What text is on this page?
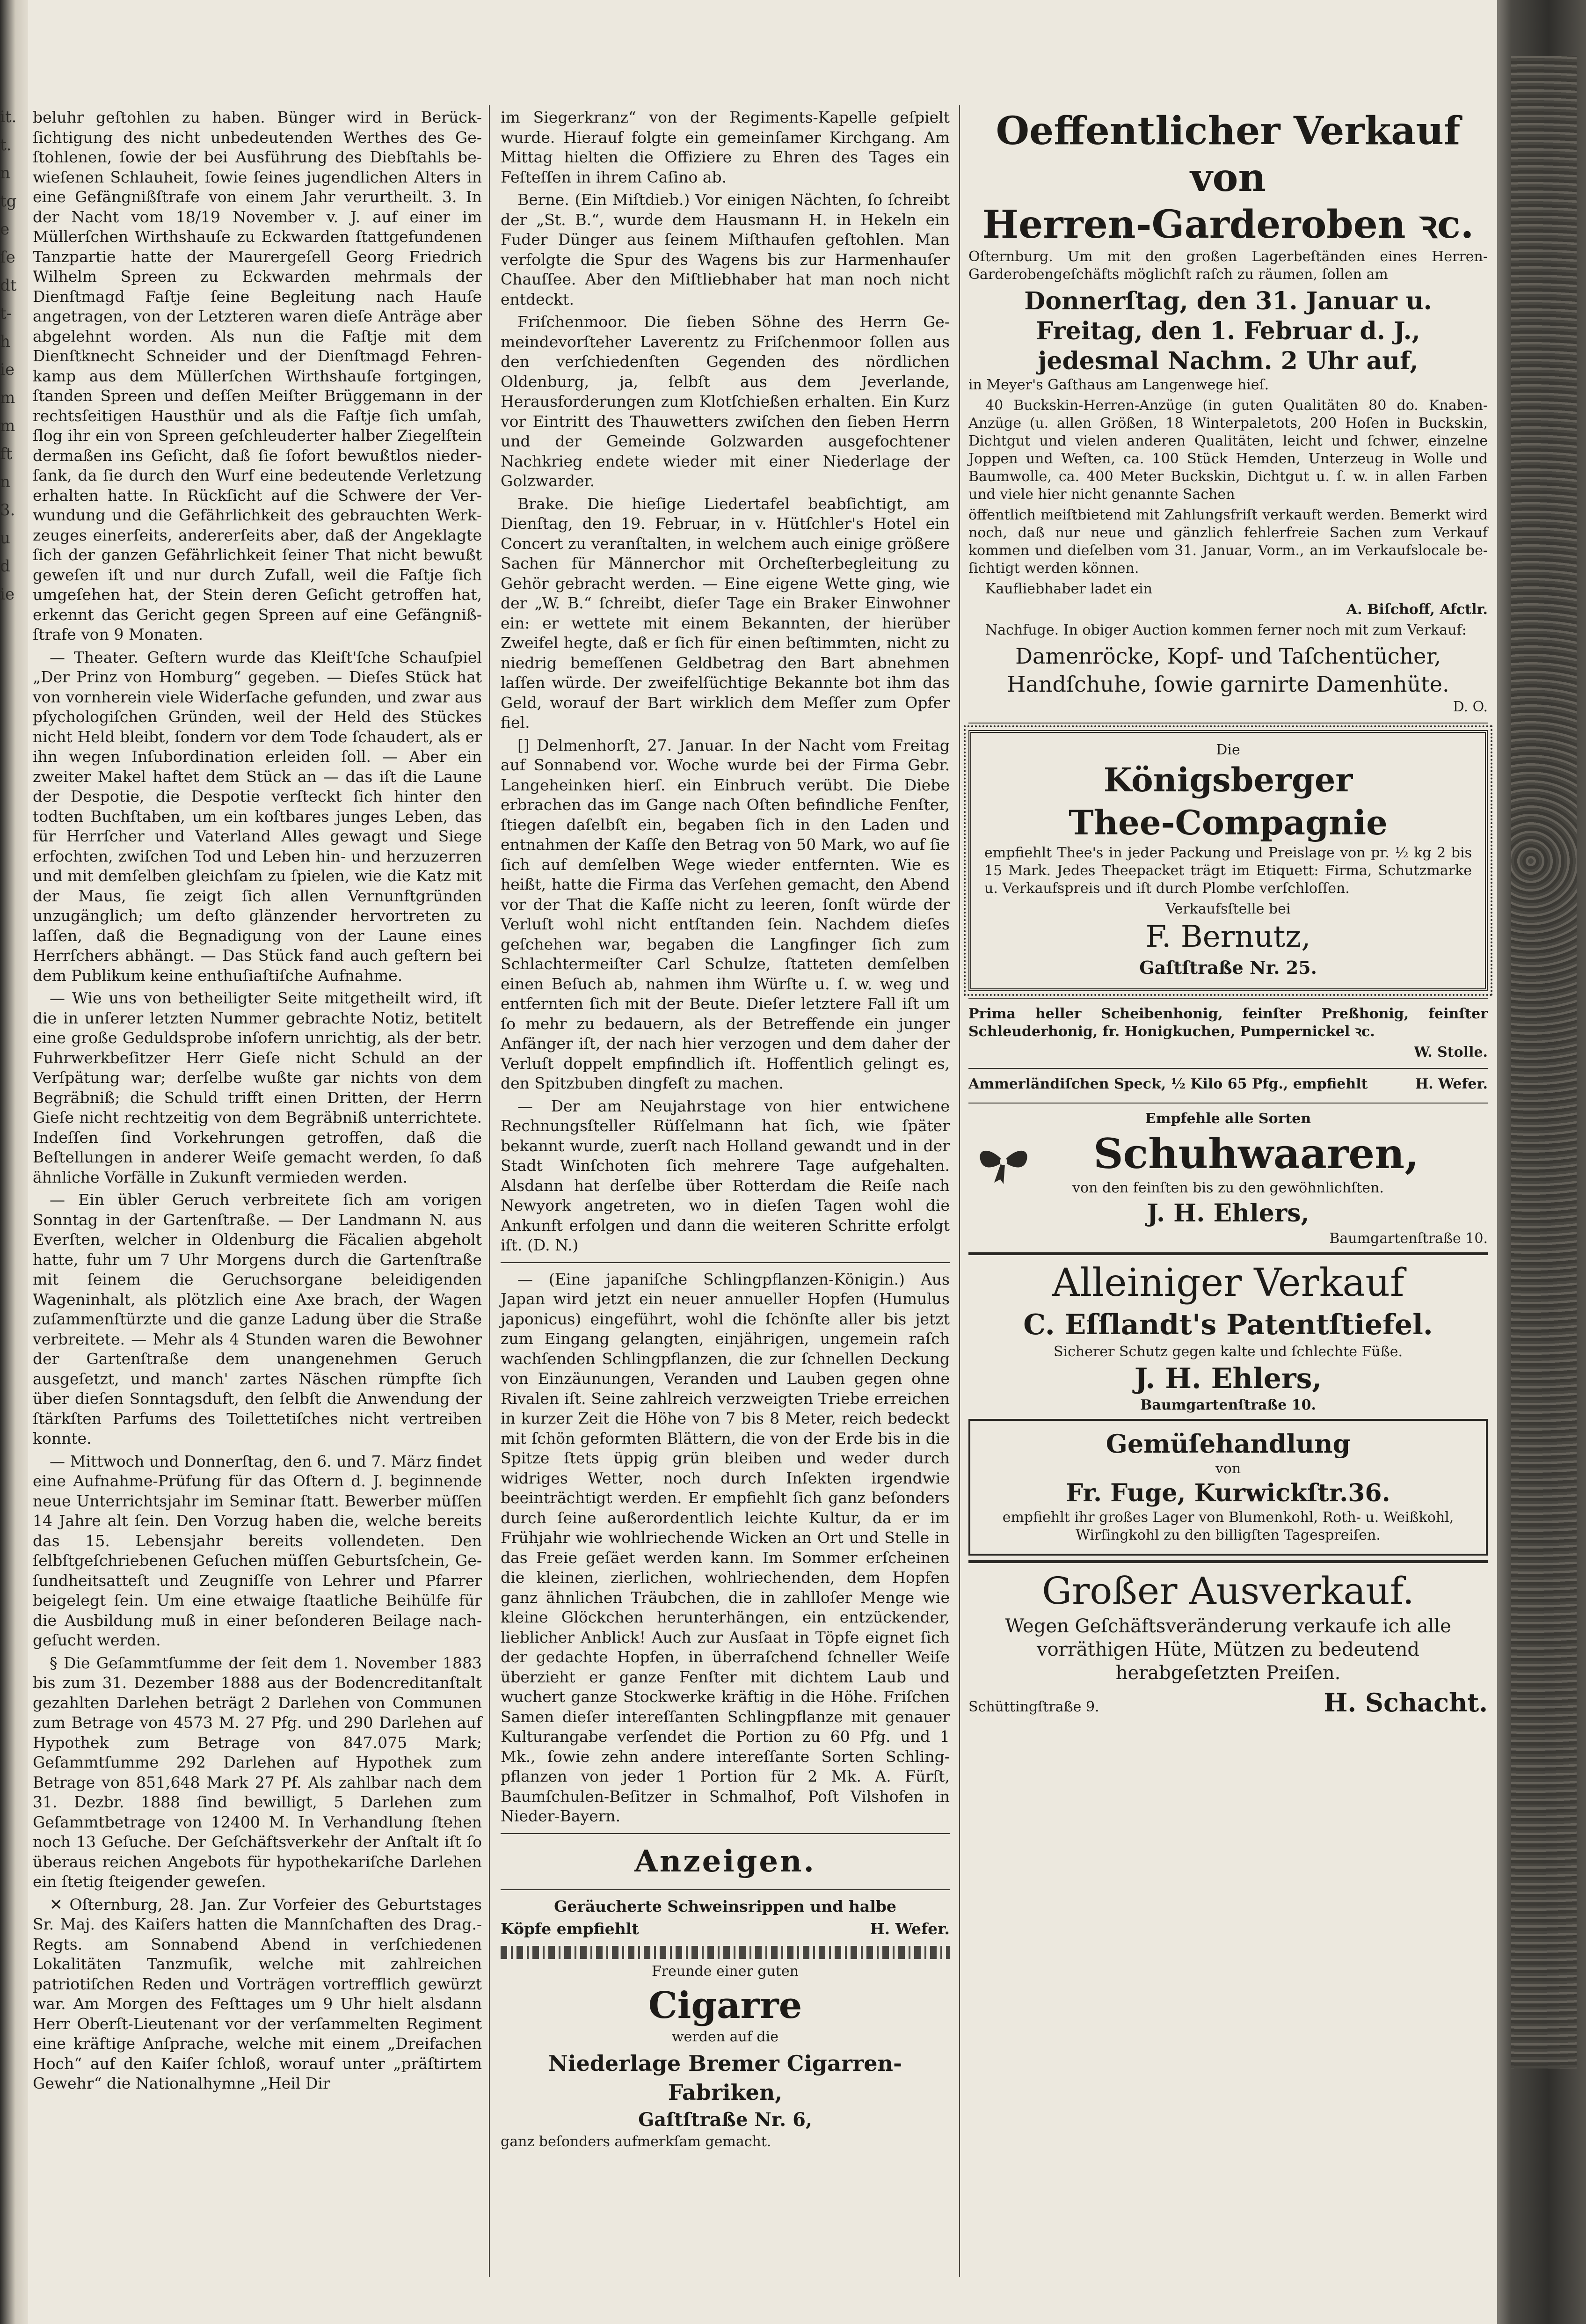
beluhr geſtohlen zu haben. Bünger wird in Berückſichtigung des nicht unbedeutenden Werthes des Geſtohlenen, ſowie der bei Ausführung des Diebſtahls bewieſenen Schlauheit, ſowie ſeines jugendlichen Alters in eine Gefängnißſtrafe von einem Jahr verurtheilt. 3. In der Nacht vom 18/19 November v. J. auf einer im Müllerſchen Wirthshauſe zu Eckwarden ſtattgefundenen Tanzpartie hatte der Maurergeſell Georg Friedrich Wilhelm Spreen zu Eckwarden mehrmals der Dienſtmagd Faſtje ſeine Begleitung nach Hauſe angetragen, von der Letzteren waren dieſe Anträge aber abgelehnt worden. Als nun die Faſtje mit dem Dienſtknecht Schneider und der Dienſtmagd Fehrenkamp aus dem Müllerſchen Wirthshauſe fortgingen, ſtanden Spreen und deſſen Meiſter Brüggemann in der rechtsſeitigen Hausthür und als die Faſtje ſich umſah, ſlog ihr ein von Spreen geſchleuderter halber Ziegelſtein dermaßen ins Geſicht, daß ſie ſofort bewußtlos niederſank, da ſie durch den Wurf eine bedeutende Verletzung erhalten hatte. In Rückſicht auf die Schwere der Verwundung und die Gefährlichkeit des gebrauchten Werkzeuges einerſeits, andererſeits aber, daß der Angeklagte ſich der ganzen Gefährlichkeit ſeiner That nicht bewußt geweſen iſt und nur durch Zufall, weil die Faſtje ſich umgeſehen hat, der Stein deren Geſicht getroffen hat, erkennt das Gericht gegen Spreen auf eine Gefängnißſtrafe von 9 Monaten.

— Theater. Geſtern wurde das Kleiſt'ſche Schauſpiel „Der Prinz von Homburg“ gegeben. — Dieſes Stück hat von vornherein viele Widerſache gefunden, und zwar aus pſychologiſchen Gründen, weil der Held des Stückes nicht Held bleibt, ſondern vor dem Tode ſchaudert, als er ihn wegen Inſubordination erleiden ſoll. — Aber ein zweiter Makel haftet dem Stück an — das iſt die Laune der Despotie, die Despotie verſteckt ſich hinter den todten Buchſtaben, um ein koſtbares junges Leben, das für Herrſcher und Vaterland Alles gewagt und Siege erfochten, zwiſchen Tod und Leben hin- und herzuzerren und mit demſelben gleichſam zu ſpielen, wie die Katz mit der Maus, ſie zeigt ſich allen Vernunftgründen unzugänglich; um deſto glänzender hervortreten zu laſſen, daß die Begnadigung von der Laune eines Herrſchers abhängt. — Das Stück fand auch geſtern bei dem Publikum keine enthuſiaſtiſche Aufnahme.

— Wie uns von betheiligter Seite mitgetheilt wird, iſt die in unſerer letzten Nummer gebrachte Notiz, betitelt eine große Geduldsprobe inſofern unrichtig, als der betr. Fuhrwerkbeſitzer Herr Gieſe nicht Schuld an der Verſpätung war; derſelbe wußte gar nichts von dem Begräbniß; die Schuld trifft einen Dritten, der Herrn Gieſe nicht rechtzeitig von dem Begräbniß unterrichtete. Indeſſen ſind Vorkehrungen getroffen, daß die Beſtellungen in anderer Weiſe gemacht werden, ſo daß ähnliche Vorfälle in Zukunft vermieden werden.

— Ein übler Geruch verbreitete ſich am vorigen Sonntag in der Gartenſtraße. — Der Landmann N. aus Everſten, welcher in Oldenburg die Fäcalien abgeholt hatte, fuhr um 7 Uhr Morgens durch die Gartenſtraße mit ſeinem die Geruchsorgane beleidigenden Wageninhalt, als plötzlich eine Axe brach, der Wagen zuſammenſtürzte und die ganze Ladung über die Straße verbreitete. — Mehr als 4 Stunden waren die Bewohner der Gartenſtraße dem unangenehmen Geruch ausgeſetzt, und manch' zartes Näschen rümpfte ſich über dieſen Sonntagsduft, den ſelbſt die Anwendung der ſtärkſten Parfums des Toilettetiſches nicht vertreiben konnte.

— Mittwoch und Donnerſtag, den 6. und 7. März findet eine Aufnahme-Prüfung für das Oſtern d. J. beginnende neue Unterrichtsjahr im Seminar ſtatt. Bewerber müſſen 14 Jahre alt ſein. Den Vorzug haben die, welche bereits das 15. Lebensjahr bereits vollendeten. Den ſelbſtgeſchriebenen Geſuchen müſſen Geburtsſchein, Geſundheitsatteſt und Zeugniſſe von Lehrer und Pfarrer beigelegt ſein. Um eine etwaige ſtaatliche Beihülfe für die Ausbildung muß in einer beſonderen Beilage nachgeſucht werden.

§ Die Geſammtſumme der ſeit dem 1. November 1883 bis zum 31. Dezember 1888 aus der Bodencreditanſtalt gezahlten Darlehen beträgt 2 Darlehen von Communen zum Betrage von 4573 M. 27 Pfg. und 290 Darlehen auf Hypothek zum Betrage von 847.075 Mark; Geſammtſumme 292 Darlehen auf Hypothek zum Betrage von 851,648 Mark 27 Pf. Als zahlbar nach dem 31. Dezbr. 1888 ſind bewilligt, 5 Darlehen zum Geſammtbetrage von 12400 M. In Verhandlung ſtehen noch 13 Geſuche. Der Geſchäftsverkehr der Anſtalt iſt ſo überaus reichen Angebots für hypothekariſche Darlehen ein ſtetig ſteigender geweſen.

✕ Oſternburg, 28. Jan. Zur Vorfeier des Geburtstages Sr. Maj. des Kaiſers hatten die Mannſchaften des Drag.-Regts. am Sonnabend Abend in verſchiedenen Lokalitäten Tanzmuſik, welche mit zahlreichen patriotiſchen Reden und Vorträgen vortrefflich gewürzt war. Am Morgen des Feſttages um 9 Uhr hielt alsdann Herr Oberſt-Lieutenant vor der verſammelten Regiment eine kräftige Anſprache, welche mit einem „Dreifachen Hoch“ auf den Kaiſer ſchloß, worauf unter „präſtirtem Gewehr“ die Nationalhymne „Heil Dir

im Siegerkranz“ von der Regiments-Kapelle geſpielt wurde. Hierauf folgte ein gemeinſamer Kirchgang. Am Mittag hielten die Offiziere zu Ehren des Tages ein Feſteſſen in ihrem Caſino ab.

Berne. (Ein Miſtdieb.) Vor einigen Nächten, ſo ſchreibt der „St. B.“, wurde dem Hausmann H. in Hekeln ein Fuder Dünger aus ſeinem Miſthaufen geſtohlen. Man verfolgte die Spur des Wagens bis zur Harmenhauſer Chauſſee. Aber den Miſtliebhaber hat man noch nicht entdeckt.

Friſchenmoor. Die ſieben Söhne des Herrn Gemeindevorſteher Laverentz zu Friſchenmoor ſollen aus den verſchiedenſten Gegenden des nördlichen Oldenburg, ja, ſelbſt aus dem Jeverlande, Herausforderungen zum Klotſchießen erhalten. Ein Kurz vor Eintritt des Thauwetters zwiſchen den ſieben Herrn und der Gemeinde Golzwarden ausgefochtener Nachkrieg endete wieder mit einer Niederlage der Golzwarder.

Brake. Die hieſige Liedertafel beabſichtigt, am Dienſtag, den 19. Februar, in v. Hütſchler's Hotel ein Concert zu veranſtalten, in welchem auch einige größere Sachen für Männerchor mit Orcheſterbegleitung zu Gehör gebracht werden. — Eine eigene Wette ging, wie der „W. B.“ ſchreibt, dieſer Tage ein Braker Einwohner ein: er wettete mit einem Bekannten, der hierüber Zweifel hegte, daß er ſich für einen beſtimmten, nicht zu niedrig bemeſſenen Geldbetrag den Bart abnehmen laſſen würde. Der zweifelſüchtige Bekannte bot ihm das Geld, worauf der Bart wirklich dem Meſſer zum Opfer fiel.

[] Delmenhorſt, 27. Januar. In der Nacht vom Freitag auf Sonnabend vor. Woche wurde bei der Firma Gebr. Langeheinken hierſ. ein Einbruch verübt. Die Diebe erbrachen das im Gange nach Oſten befindliche Fenſter, ſtiegen daſelbſt ein, begaben ſich in den Laden und entnahmen der Kaſſe den Betrag von 50 Mark, wo auf ſie ſich auf demſelben Wege wieder entfernten. Wie es heißt, hatte die Firma das Verſehen gemacht, den Abend vor der That die Kaſſe nicht zu leeren, ſonſt würde der Verluſt wohl nicht entſtanden ſein. Nachdem dieſes geſchehen war, begaben die Langfinger ſich zum Schlachtermeiſter Carl Schulze, ſtatteten demſelben einen Beſuch ab, nahmen ihm Würſte u. ſ. w. weg und entfernten ſich mit der Beute. Dieſer letztere Fall iſt um ſo mehr zu bedauern, als der Betreffende ein junger Anfänger iſt, der nach hier verzogen und dem daher der Verluſt doppelt empfindlich iſt. Hoffentlich gelingt es, den Spitzbuben dingfeſt zu machen.

— Der am Neujahrstage von hier entwichene Rechnungsſteller Rüſſelmann hat ſich, wie ſpäter bekannt wurde, zuerſt nach Holland gewandt und in der Stadt Winſchoten ſich mehrere Tage aufgehalten. Alsdann hat derſelbe über Rotterdam die Reiſe nach Newyork angetreten, wo in dieſen Tagen wohl die Ankunft erfolgen und dann die weiteren Schritte erfolgt iſt. (D. N.)

— (Eine japaniſche Schlingpflanzen-Königin.) Aus Japan wird jetzt ein neuer annueller Hopfen (Humulus japonicus) eingeführt, wohl die ſchönſte aller bis jetzt zum Eingang gelangten, einjährigen, ungemein raſch wachſenden Schlingpflanzen, die zur ſchnellen Deckung von Einzäunungen, Veranden und Lauben gegen ohne Rivalen iſt. Seine zahlreich verzweigten Triebe erreichen in kurzer Zeit die Höhe von 7 bis 8 Meter, reich bedeckt mit ſchön geformten Blättern, die von der Erde bis in die Spitze ſtets üppig grün bleiben und weder durch widriges Wetter, noch durch Inſekten irgendwie beeinträchtigt werden. Er empfiehlt ſich ganz beſonders durch ſeine außerordentlich leichte Kultur, da er im Frühjahr wie wohlriechende Wicken an Ort und Stelle in das Freie geſäet werden kann. Im Sommer erſcheinen die kleinen, zierlichen, wohlriechenden, dem Hopfen ganz ähnlichen Träubchen, die in zahlloſer Menge wie kleine Glöckchen herunterhängen, ein entzückender, lieblicher Anblick! Auch zur Ausſaat in Töpfe eignet ſich der gedachte Hopfen, in überraſchend ſchneller Weiſe überzieht er ganze Fenſter mit dichtem Laub und wuchert ganze Stockwerke kräftig in die Höhe. Friſchen Samen dieſer intereſſanten Schlingpflanze mit genauer Kulturangabe verſendet die Portion zu 60 Pfg. und 1 Mk., ſowie zehn andere intereſſante Sorten Schlingpflanzen von jeder 1 Portion für 2 Mk. A. Fürſt, Baumſchulen-Beſitzer in Schmalhof, Poſt Vilshofen in Nieder-Bayern.

Anzeigen.
Geräucherte Schweinsrippen und halbe
Köpfe empfiehlt	H. Wefer.
Freunde einer guten
Cigarre
werden auf die
Niederlage Bremer Cigarren-Fabriken,
Gaſtſtraße Nr. 6,
ganz beſonders aufmerkſam gemacht.
Oeffentlicher Verkauf von
Herren-Garderoben ꝛc.

Oſternburg. Um mit den großen Lagerbeſtänden eines Herren-Garderobengeſchäfts möglichſt raſch zu räumen, ſollen am

Donnerſtag, den 31. Januar u.
Freitag, den 1. Februar d. J.,
jedesmal Nachm. 2 Uhr auf,

in Meyer's Gaſthaus am Langenwege hieſ.

40 Buckskin-Herren-Anzüge (in guten Qualitäten 80 do. Knaben-Anzüge (u. allen Größen, 18 Winterpaletots, 200 Hoſen in Buckskin, Dichtgut und vielen anderen Qualitäten, leicht und ſchwer, einzelne Joppen und Weſten, ca. 100 Stück Hemden, Unterzeug in Wolle und Baumwolle, ca. 400 Meter Buckskin, Dichtgut u. ſ. w. in allen Farben und viele hier nicht genannte Sachen

öffentlich meiſtbietend mit Zahlungsfriſt verkauft werden. Bemerkt wird noch, daß nur neue und gänzlich fehlerfreie Sachen zum Verkauf kommen und dieſelben vom 31. Januar, Vorm., an im Verkaufslocale beſichtigt werden können.

Kaufliebhaber ladet ein

A. Biſchoff, Afctlr.

Nachfuge. In obiger Auction kommen ferner noch mit zum Verkauf:

Damenröcke, Kopf- und Taſchentücher, Handſchuhe, ſowie garnirte Damenhüte.
D. O.
Die
Königsberger
Thee-Compagnie

empfiehlt Thee's in jeder Packung und Preislage von pr. ½ kg 2 bis 15 Mark. Jedes Theepacket trägt im Etiquett: Firma, Schutzmarke u. Verkaufspreis und iſt durch Plombe verſchloſſen.

Verkaufsſtelle bei
F. Bernutz,
Gaſtſtraße Nr. 25.

Prima heller Scheibenhonig, feinſter Preßhonig, feinſter Schleuderhonig, fr. Honigkuchen, Pumpernickel ꝛc.

W. Stolle.
Ammerländiſchen Speck, ½ Kilo 65 Pfg., empfiehlt	H. Wefer.
Empfehle alle Sorten
Schuhwaaren,
von den feinſten bis zu den gewöhnlichſten.
J. H. Ehlers,
Baumgartenſtraße 10.
Alleiniger Verkauf
C. Eſſlandt's Patentſtiefel.
Sicherer Schutz gegen kalte und ſchlechte Füße.
J. H. Ehlers,
Baumgartenſtraße 10.
Gemüſehandlung
von
Fr. Fuge, Kurwickſtr.36.

empfiehlt ihr großes Lager von Blumenkohl, Roth- u. Weißkohl, Wirſingkohl zu den billigſten Tagespreiſen.

Großer Ausverkauf.

Wegen Geſchäftsveränderung verkaufe ich alle vorräthigen Hüte, Mützen zu bedeutend herabgeſetzten Preiſen.

Schüttingſtraße 9.	H. Schacht.
it.
t.
n
tg
e
ſe
dt
t-
h
ie
m
m
ft
n
3.
u
d
ie
